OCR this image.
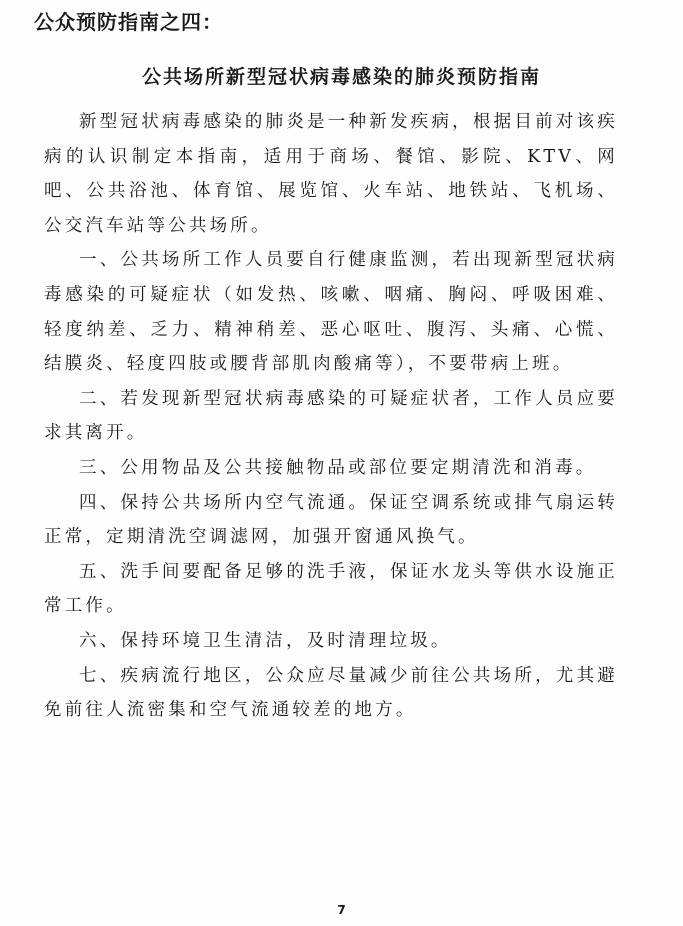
公众预防指南之四：
公共场所新型冠状病毒感染的肺炎预防指南

新型冠状病毒感染的肺炎是一种新发疾病，根据目前对该疾病的认识制定本指南，适用于商场、餐馆、影院、KTV、网吧、公共浴池、体育馆、展览馆、火车站、地铁站、飞机场、公交汽车站等公共场所。

一、公共场所工作人员要自行健康监测，若出现新型冠状病毒感染的可疑症状（如发热、咳嗽、咽痛、胸闷、呼吸困难、轻度纳差、乏力、精神稍差、恶心呕吐、腹泻、头痛、心慌、结膜炎、轻度四肢或腰背部肌肉酸痛等），不要带病上班。

二、若发现新型冠状病毒感染的可疑症状者，工作人员应要求其离开。

三、公用物品及公共接触物品或部位要定期清洗和消毒。

四、保持公共场所内空气流通。保证空调系统或排气扇运转正常，定期清洗空调滤网，加强开窗通风换气。

五、洗手间要配备足够的洗手液，保证水龙头等供水设施正常工作。

六、保持环境卫生清洁，及时清理垃圾。

七、疾病流行地区，公众应尽量减少前往公共场所，尤其避免前往人流密集和空气流通较差的地方。

7
